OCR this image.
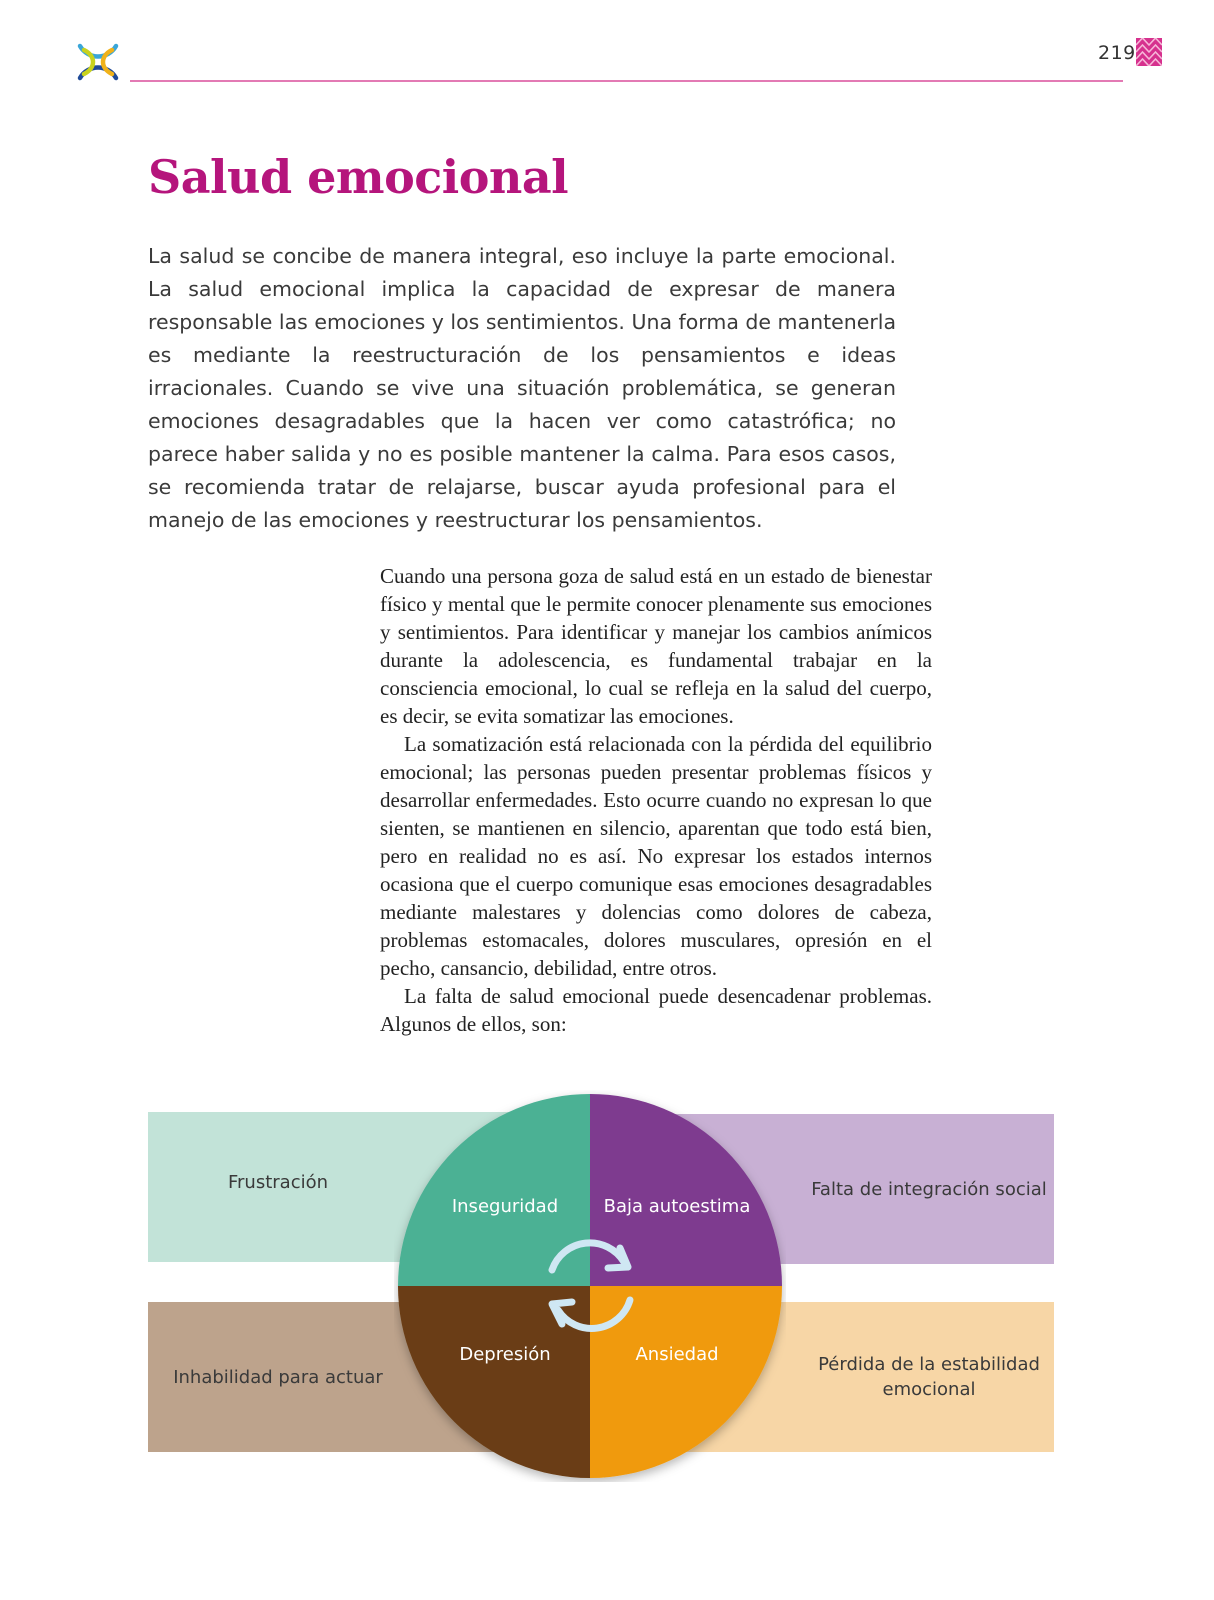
219
Salud emocional

La salud se concibe de manera integral, eso incluye la parte emocional. La salud emocional implica la capacidad de expresar de manera responsable las emociones y los sentimientos. Una forma de mantenerla es mediante la reestructuración de los pensamientos e ideas irracionales. Cuando se vive una situación problemática, se generan emociones desagradables que la hacen ver como catastrófica; no parece haber salida y no es posible mantener la calma. Para esos casos, se recomienda tratar de relajarse, buscar ayuda profesional para el manejo de las emociones y reestructurar los pensamientos.

Cuando una persona goza de salud está en un estado de bienestar físico y mental que le permite conocer plenamente sus emociones y sentimientos. Para identificar y manejar los cambios anímicos durante la adolescencia, es fundamental trabajar en la consciencia emocional, lo cual se refleja en la salud del cuerpo, es decir, se evita somatizar las emociones.

La somatización está relacionada con la pérdida del equilibrio emocional; las personas pueden presentar problemas físicos y desarrollar enfermedades. Esto ocurre cuando no expresan lo que sienten, se mantienen en silencio, aparentan que todo está bien, pero en realidad no es así. No expresar los estados internos ocasiona que el cuerpo comunique esas emociones desagradables mediante malestares y dolencias como dolores de cabeza, problemas estomacales, dolores musculares, opresión en el pecho, cansancio, debilidad, entre otros.

La falta de salud emocional puede desencadenar problemas. Algunos de ellos, son:

Frustración	Falta de integración social
Inhabilidad para actuar
Pérdida de la estabilidad emocional
Inseguridad	Baja autoestima
Depresión	Ansiedad
